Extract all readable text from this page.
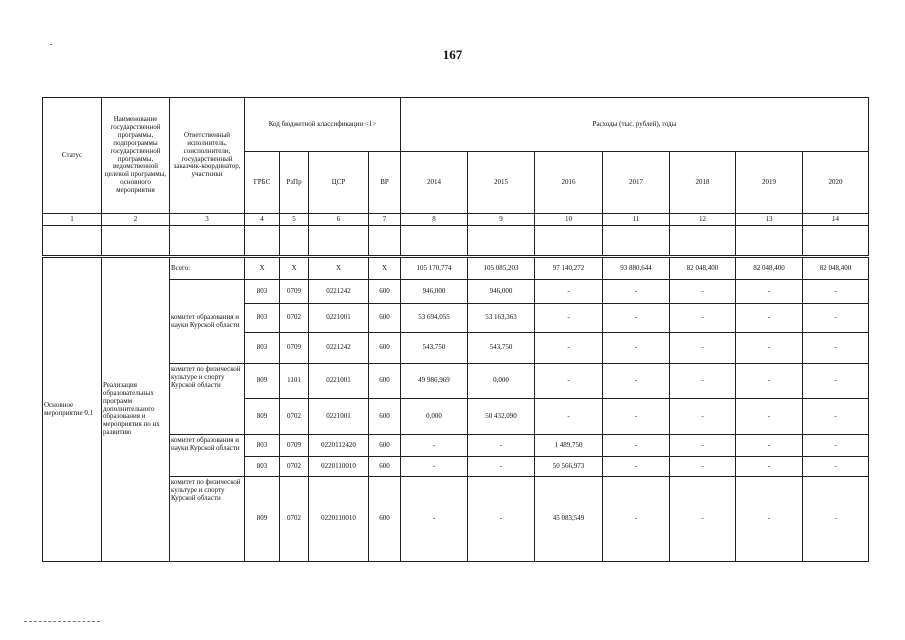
167
Статус	Наименование государственной программы, подпрограммы государственной программы, ведомственной целевой программы, основного мероприятия	Ответственный исполнитель, соисполнители, государственный заказчик-координатор, участники	Код бюджетной классификации <1>				Расходы (тыс. рублей), годы						
			ГРБС	РзПр	ЦСР	ВР	2014	2015	2016	2017	2018	2019	2020
1	2	3	4	5	6	7	8	9	10	11	12	13	14

Основное мероприятие 0.1	Реализация образовательных программ дополнительного образования и мероприятия по их развитию	Всего:	X	X	X	X	105 170,774	105 085,203	97 140,272	93 880,644	82 048,400	82 048,400	82 048,400
		комитет образования и науки Курской области	803	0709	0221242	600	946,000	946,000	-	-	-	-	-
			803	0702	0221001	600	53 694,055	53 163,363	-	-	-	-	-
			803	0709	0221242	600	543,750	543,750	-	-	-	-	-
		комитет по физической культуре и спорту Курской области	809	1101	0221001	600	49 986,969	0,000	-	-	-	-	-
			809	0702	0221001	600	0,000	50 432,090	-	-	-	-	-
		комитет образования и науки Курской области	803	0709	0220112420	600	-	-	1 489,750	-	-	-	-
			803	0702	0220110010	600	-	-	50 566,973	-	-	-	-
		комитет по физической культуре и спорту Курской области	809	0702	0220110010	600	-	-	45 083,549	-	-	-	-
